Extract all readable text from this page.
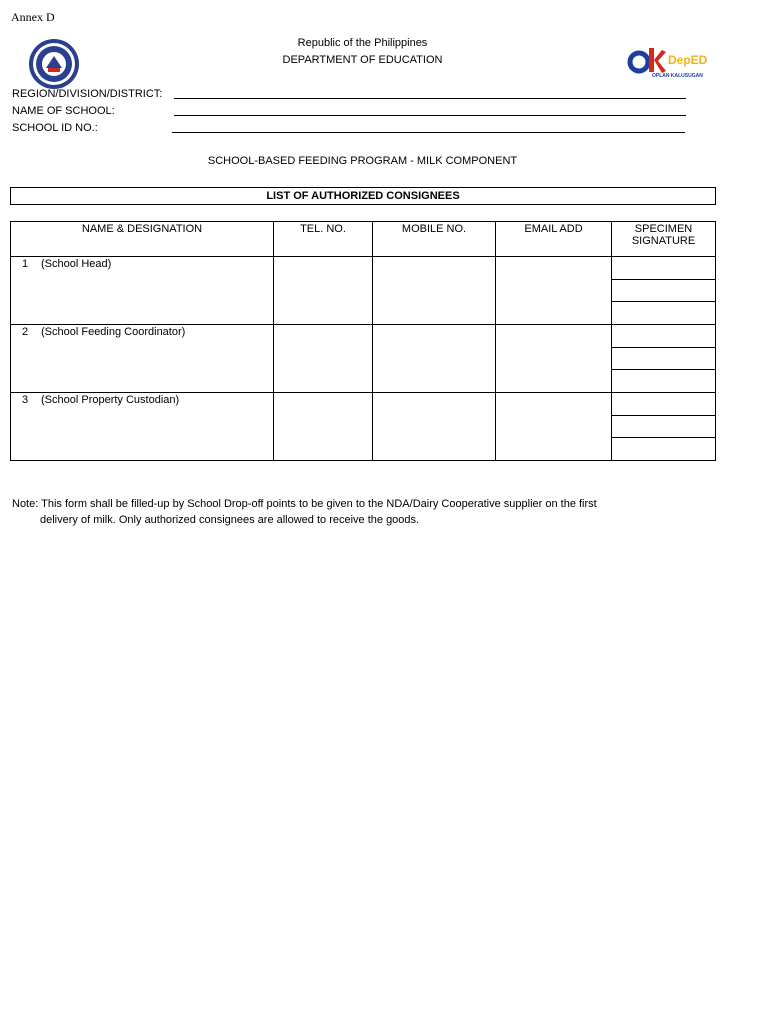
Annex D
Republic of the Philippines
DEPARTMENT OF EDUCATION	DepED
OPLAN KALUSUGAN
REGION/DIVISION/DISTRICT:
NAME OF SCHOOL:
SCHOOL ID NO.:
SCHOOL-BASED FEEDING PROGRAM - MILK COMPONENT
LIST OF AUTHORIZED CONSIGNEES
NAME & DESIGNATION	TEL. NO.	MOBILE NO.	EMAIL ADD	SPECIMEN SIGNATURE

1 (School Head)				

2 (School Feeding Coordinator)				

3 (School Property Custodian)				

Note: This form shall be filled-up by School Drop-off points to be given to the NDA/Dairy Cooperative supplier on the first
delivery of milk. Only authorized consignees are allowed to receive the goods.
